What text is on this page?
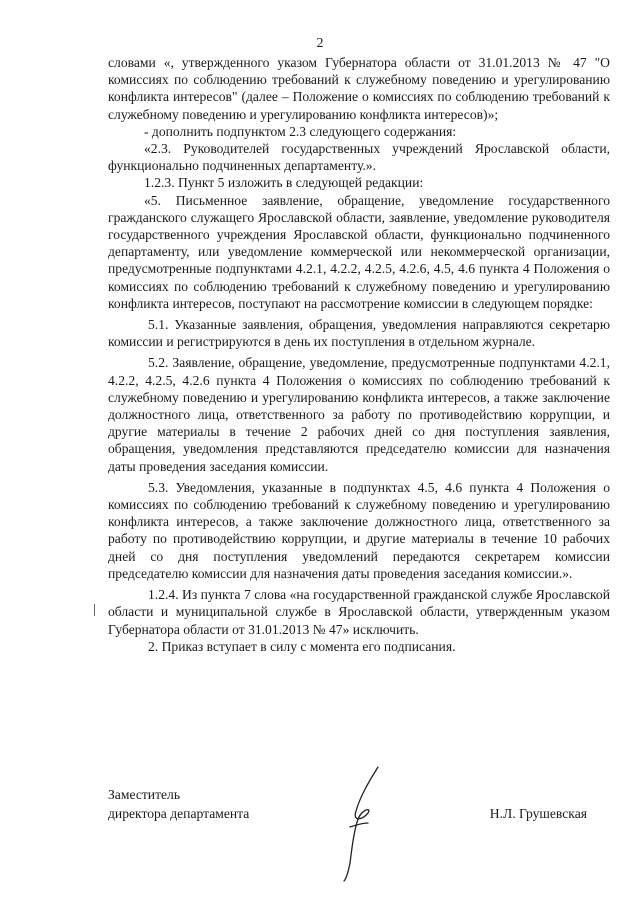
2

словами «, утвержденного указом Губернатора области от 31.01.2013 № 47 "О комиссиях по соблюдению требований к служебному поведению и урегулированию конфликта интересов" (далее – Положение о комиссиях по соблюдению требований к служебному поведению и урегулированию конфликта интересов)»;

- дополнить подпунктом 2.3 следующего содержания:

«2.3. Руководителей государственных учреждений Ярославской области, функционально подчиненных департаменту.».

1.2.3. Пункт 5 изложить в следующей редакции:

«5. Письменное заявление, обращение, уведомление государственного гражданского служащего Ярославской области, заявление, уведомление руководителя государственного учреждения Ярославской области, функционально подчиненного департаменту, или уведомление коммерческой или некоммерческой организации, предусмотренные подпунктами 4.2.1, 4.2.2, 4.2.5, 4.2.6, 4.5, 4.6 пункта 4 Положения о комиссиях по соблюдению требований к служебному поведению и урегулированию конфликта интересов, поступают на рассмотрение комиссии в следующем порядке:

5.1. Указанные заявления, обращения, уведомления направляются секретарю комиссии и регистрируются в день их поступления в отдельном журнале.

5.2. Заявление, обращение, уведомление, предусмотренные подпунктами 4.2.1, 4.2.2, 4.2.5, 4.2.6 пункта 4 Положения о комиссиях по соблюдению требований к служебному поведению и урегулированию конфликта интересов, а также заключение должностного лица, ответственного за работу по противодействию коррупции, и другие материалы в течение 2 рабочих дней со дня поступления заявления, обращения, уведомления представляются председателю комиссии для назначения даты проведения заседания комиссии.

5.3. Уведомления, указанные в подпунктах 4.5, 4.6 пункта 4 Положения о комиссиях по соблюдению требований к служебному поведению и урегулированию конфликта интересов, а также заключение должностного лица, ответственного за работу по противодействию коррупции, и другие материалы в течение 10 рабочих дней со дня поступления уведомлений передаются секретарем комиссии председателю комиссии для назначения даты проведения заседания комиссии.».

1.2.4. Из пункта 7 слова «на государственной гражданской службе Ярославской области и муниципальной службе в Ярославской области, утвержденным указом Губернатора области от 31.01.2013 № 47» исключить.

2. Приказ вступает в силу с момента его подписания.

Заместитель
директора департамента	Н.Л. Грушевская
